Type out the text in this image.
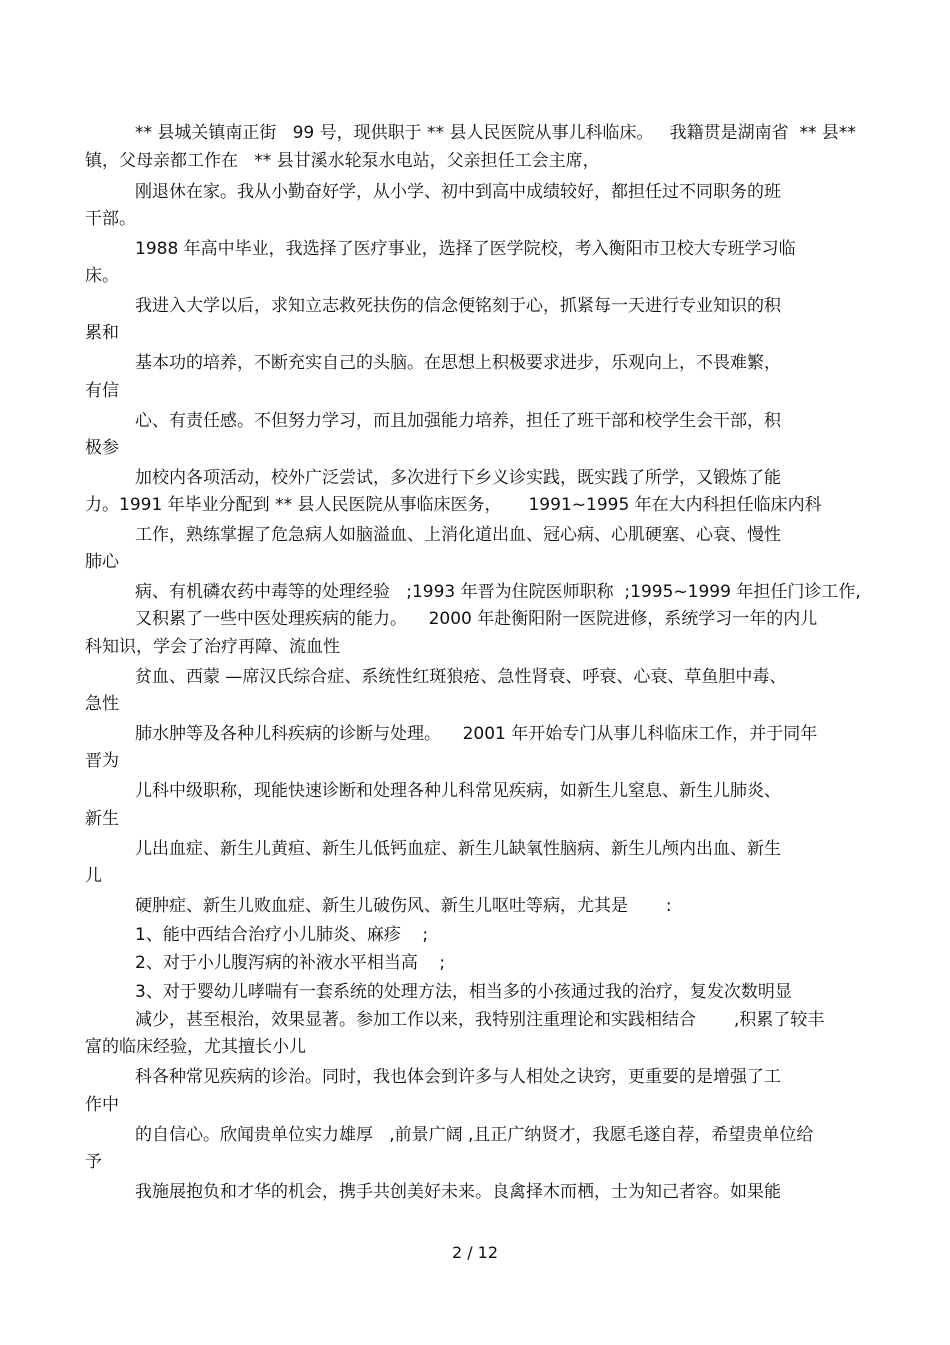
** 县城关镇南正街   99 号，现供职于 ** 县人民医院从事儿科临床。   我籍贯是湖南省  ** 县**
镇，父母亲都工作在   ** 县甘溪水轮泵水电站，父亲担任工会主席，
刚退休在家。我从小勤奋好学，从小学、初中到高中成绩较好，都担任过不同职务的班
干部。
1988 年高中毕业，我选择了医疗事业，选择了医学院校，考入衡阳市卫校大专班学习临
床。
我进入大学以后，求知立志救死扶伤的信念便铭刻于心，抓紧每一天进行专业知识的积
累和
基本功的培养，不断充实自己的头脑。在思想上积极要求进步，乐观向上，不畏难繁，
有信
心、有责任感。不但努力学习，而且加强能力培养，担任了班干部和校学生会干部，积
极参
加校内各项活动，校外广泛尝试，多次进行下乡义诊实践，既实践了所学，又锻炼了能
力。1991 年毕业分配到 ** 县人民医院从事临床医务，     1991~1995 年在大内科担任临床内科
工作，熟练掌握了危急病人如脑溢血、上消化道出血、冠心病、心肌硬塞、心衰、慢性
肺心
病、有机磷农药中毒等的处理经验   ;1993 年晋为住院医师职称  ;1995~1999 年担任门诊工作,
又积累了一些中医处理疾病的能力。    2000 年赴衡阳附一医院进修，系统学习一年的内儿
科知识，学会了治疗再障、流血性
贫血、西蒙 —席汉氏综合症、系统性红斑狼疮、急性肾衰、呼衰、心衰、草鱼胆中毒、
急性
肺水肿等及各种儿科疾病的诊断与处理。    2001 年开始专门从事儿科临床工作，并于同年
晋为
儿科中级职称，现能快速诊断和处理各种儿科常见疾病，如新生儿窒息、新生儿肺炎、
新生
儿出血症、新生儿黄疸、新生儿低钙血症、新生儿缺氧性脑病、新生儿颅内出血、新生
儿
硬肿症、新生儿败血症、新生儿破伤风、新生儿呕吐等病，尤其是       :
1、能中西结合治疗小儿肺炎、麻疹    ;
2、对于小儿腹泻病的补液水平相当高    ;
3、对于婴幼儿哮喘有一套系统的处理方法，相当多的小孩通过我的治疗，复发次数明显
减少，甚至根治，效果显著。参加工作以来，我特别注重理论和实践相结合       ,积累了较丰
富的临床经验，尤其擅长小儿
科各种常见疾病的诊治。同时，我也体会到许多与人相处之诀窍，更重要的是增强了工
作中
的自信心。欣闻贵单位实力雄厚   ,前景广阔 ,且正广纳贤才，我愿毛遂自荐，希望贵单位给
予
我施展抱负和才华的机会，携手共创美好未来。良禽择木而栖，士为知己者容。如果能
2 / 12
